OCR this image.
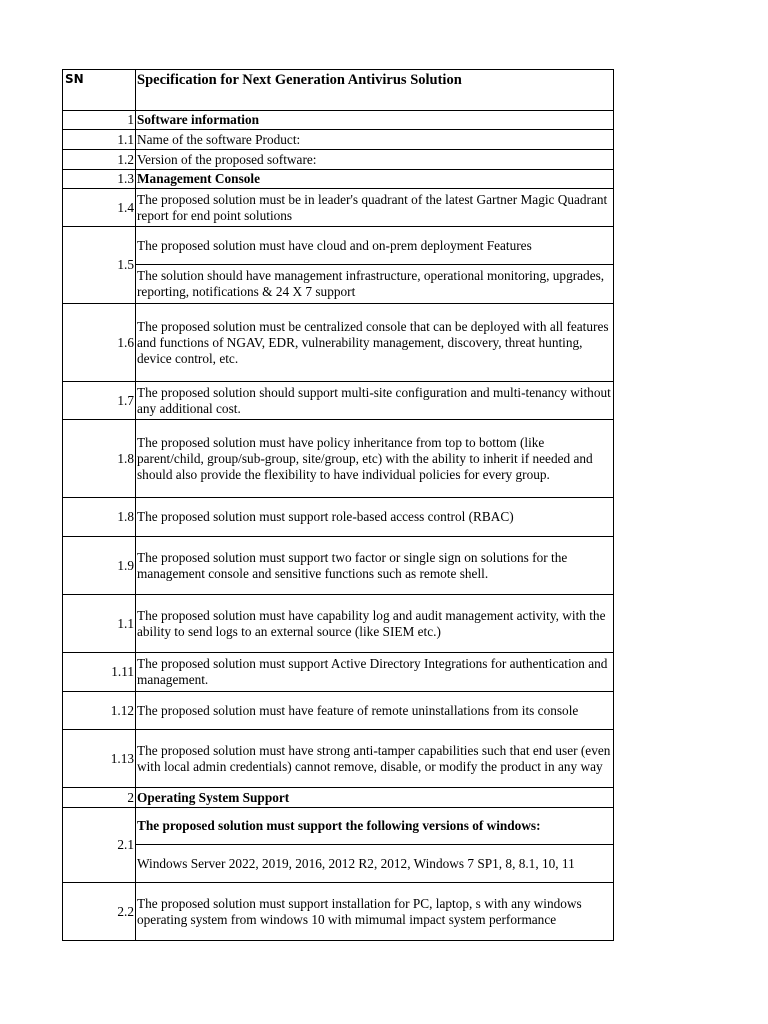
SN	Specification for Next Generation Antivirus Solution
1	Software information
1.1	Name of the software Product:
1.2	Version of the proposed software:
1.3	Management Console
1.4	The proposed solution must be in leader's quadrant of the latest Gartner Magic Quadrant report for end point solutions
1.5	The proposed solution must have cloud and on-prem deployment Features
	The solution should have management infrastructure, operational monitoring, upgrades, reporting, notifications & 24 X 7 support
1.6	The proposed solution must be centralized console that can be deployed with all features and functions of NGAV, EDR, vulnerability management, discovery, threat hunting, device control, etc.
1.7	The proposed solution should support multi-site configuration and multi-tenancy without any additional cost.
1.8	The proposed solution must have policy inheritance from top to bottom (like parent/child, group/sub-group, site/group, etc) with the ability to inherit if needed and should also provide the flexibility to have individual policies for every group.
1.8	The proposed solution must support role-based access control (RBAC)
1.9	The proposed solution must support two factor or single sign on solutions for the management console and sensitive functions such as remote shell.
1.1	The proposed solution must have capability log and audit management activity, with the ability to send logs to an external source (like SIEM etc.)
1.11	The proposed solution must support Active Directory Integrations for authentication and management.
1.12	The proposed solution must have feature of remote uninstallations from its console
1.13	The proposed solution must have strong anti-tamper capabilities such that end user (even with local admin credentials) cannot remove, disable, or modify the product in any way
2	Operating System Support
2.1	The proposed solution must support the following versions of windows:
	Windows Server 2022, 2019, 2016, 2012 R2, 2012, Windows 7 SP1, 8, 8.1, 10, 11
2.2	The proposed solution must support installation for PC, laptop, s with any windows operating system from windows 10 with mimumal impact system performance
